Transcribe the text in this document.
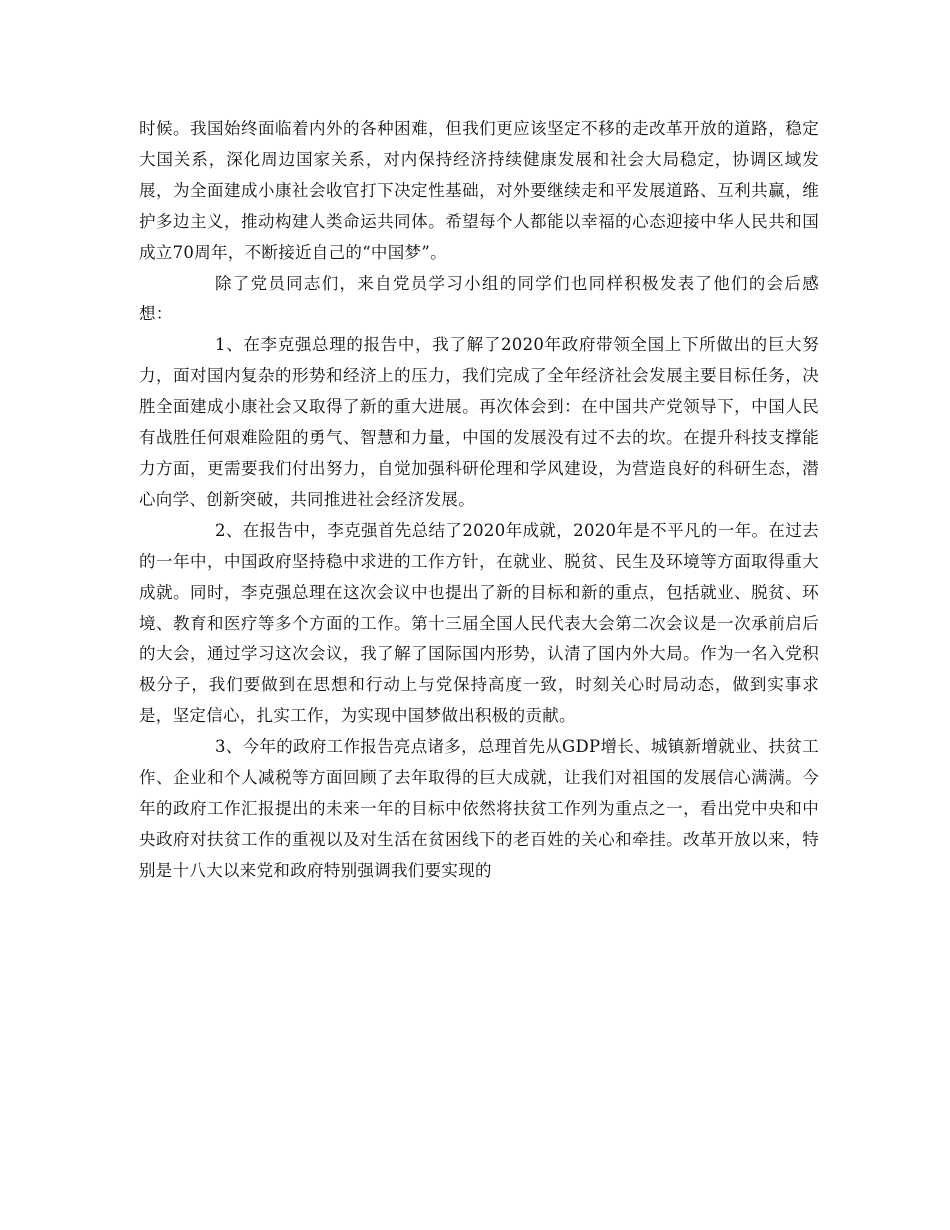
时候。我国始终面临着内外的各种困难，但我们更应该坚定不移的走改革开放的道路，稳定大国关系，深化周边国家关系，对内保持经济持续健康发展和社会大局稳定，协调区域发展，为全面建成小康社会收官打下决定性基础，对外要继续走和平发展道路、互利共赢，维护多边主义，推动构建人类命运共同体。希望每个人都能以幸福的心态迎接中华人民共和国成立70周年，不断接近自己的“中国梦”。

除了党员同志们，来自党员学习小组的同学们也同样积极发表了他们的会后感想：

1、在李克强总理的报告中，我了解了2020年政府带领全国上下所做出的巨大努力，面对国内复杂的形势和经济上的压力，我们完成了全年经济社会发展主要目标任务，决胜全面建成小康社会又取得了新的重大进展。再次体会到：在中国共产党领导下，中国人民有战胜任何艰难险阻的勇气、智慧和力量，中国的发展没有过不去的坎。在提升科技支撑能力方面，更需要我们付出努力，自觉加强科研伦理和学风建设，为营造良好的科研生态，潜心向学、创新突破，共同推进社会经济发展。

2、在报告中，李克强首先总结了2020年成就，2020年是不平凡的一年。在过去的一年中，中国政府坚持稳中求进的工作方针，在就业、脱贫、民生及环境等方面取得重大成就。同时，李克强总理在这次会议中也提出了新的目标和新的重点，包括就业、脱贫、环境、教育和医疗等多个方面的工作。第十三届全国人民代表大会第二次会议是一次承前启后的大会，通过学习这次会议，我了解了国际国内形势，认清了国内外大局。作为一名入党积极分子，我们要做到在思想和行动上与党保持高度一致，时刻关心时局动态，做到实事求是，坚定信心，扎实工作，为实现中国梦做出积极的贡献。

3、今年的政府工作报告亮点诸多，总理首先从GDP增长、城镇新增就业、扶贫工作、企业和个人减税等方面回顾了去年取得的巨大成就，让我们对祖国的发展信心满满。今年的政府工作汇报提出的未来一年的目标中依然将扶贫工作列为重点之一，看出党中央和中央政府对扶贫工作的重视以及对生活在贫困线下的老百姓的关心和牵挂。改革开放以来，特别是十八大以来党和政府特别强调我们要实现的
